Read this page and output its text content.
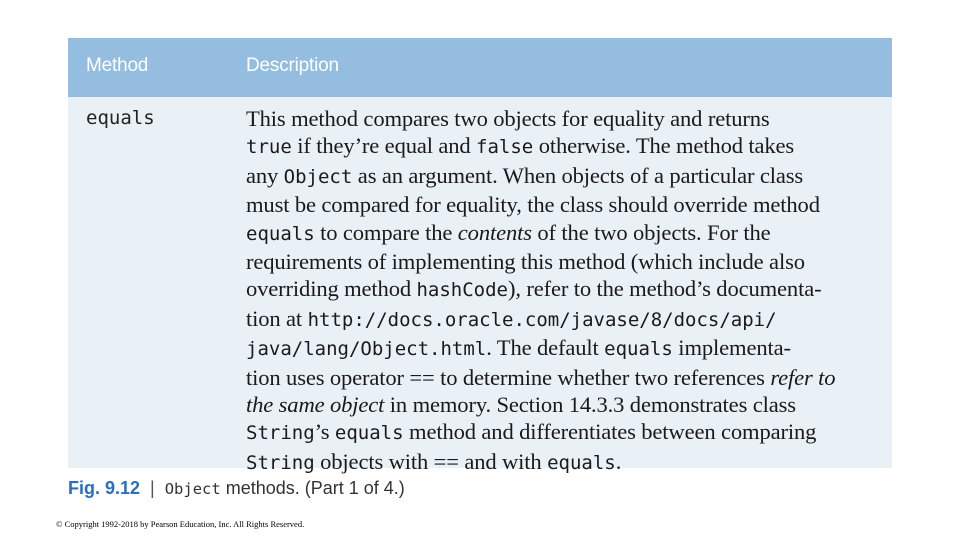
Method	Description
equals	This method compares two objects for equality and returns
true if they’re equal and false otherwise. The method takes
any Object as an argument. When objects of a particular class
must be compared for equality, the class should override method
equals to compare the contents of the two objects. For the
requirements of implementing this method (which include also
overriding method hashCode), refer to the method’s documenta-
tion at http://docs.oracle.com/javase/8/docs/api/
java/lang/Object.html. The default equals implementa-
tion uses operator == to determine whether two references refer to
the same object in memory. Section 14.3.3 demonstrates class
String’s equals method and differentiates between comparing
String objects with == and with equals.
Fig. 9.12 | Object methods. (Part 1 of 4.)
© Copyright 1992-2018 by Pearson Education, Inc. All Rights Reserved.
